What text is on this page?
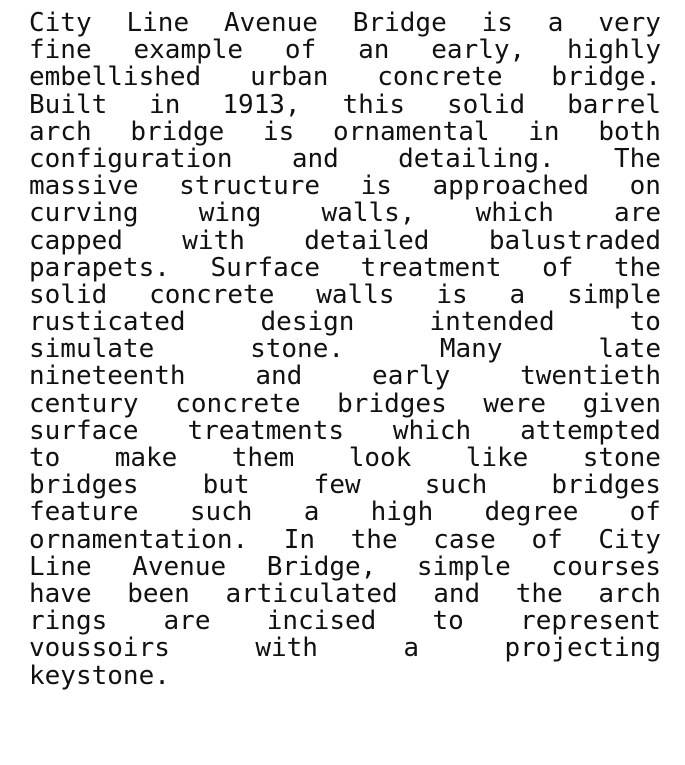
City Line Avenue Bridge is a very
fine example of an early, highly
embellished urban concrete bridge.
Built in 1913, this solid barrel
arch bridge is ornamental in both
configuration and detailing. The
massive structure is approached on
curving wing walls, which are
capped with detailed balustraded
parapets. Surface treatment of the
solid concrete walls is a simple
rusticated	design	intended	to
simulate	stone.	Many	late
nineteenth	and	early	twentieth
century concrete bridges were given
surface treatments which attempted
to make them look like stone
bridges but few such bridges
feature such a high degree of
ornamentation. In the case of City
Line Avenue Bridge, simple courses
have been articulated and the arch
rings are incised to represent
voussoirs	with	a	projecting
keystone.
